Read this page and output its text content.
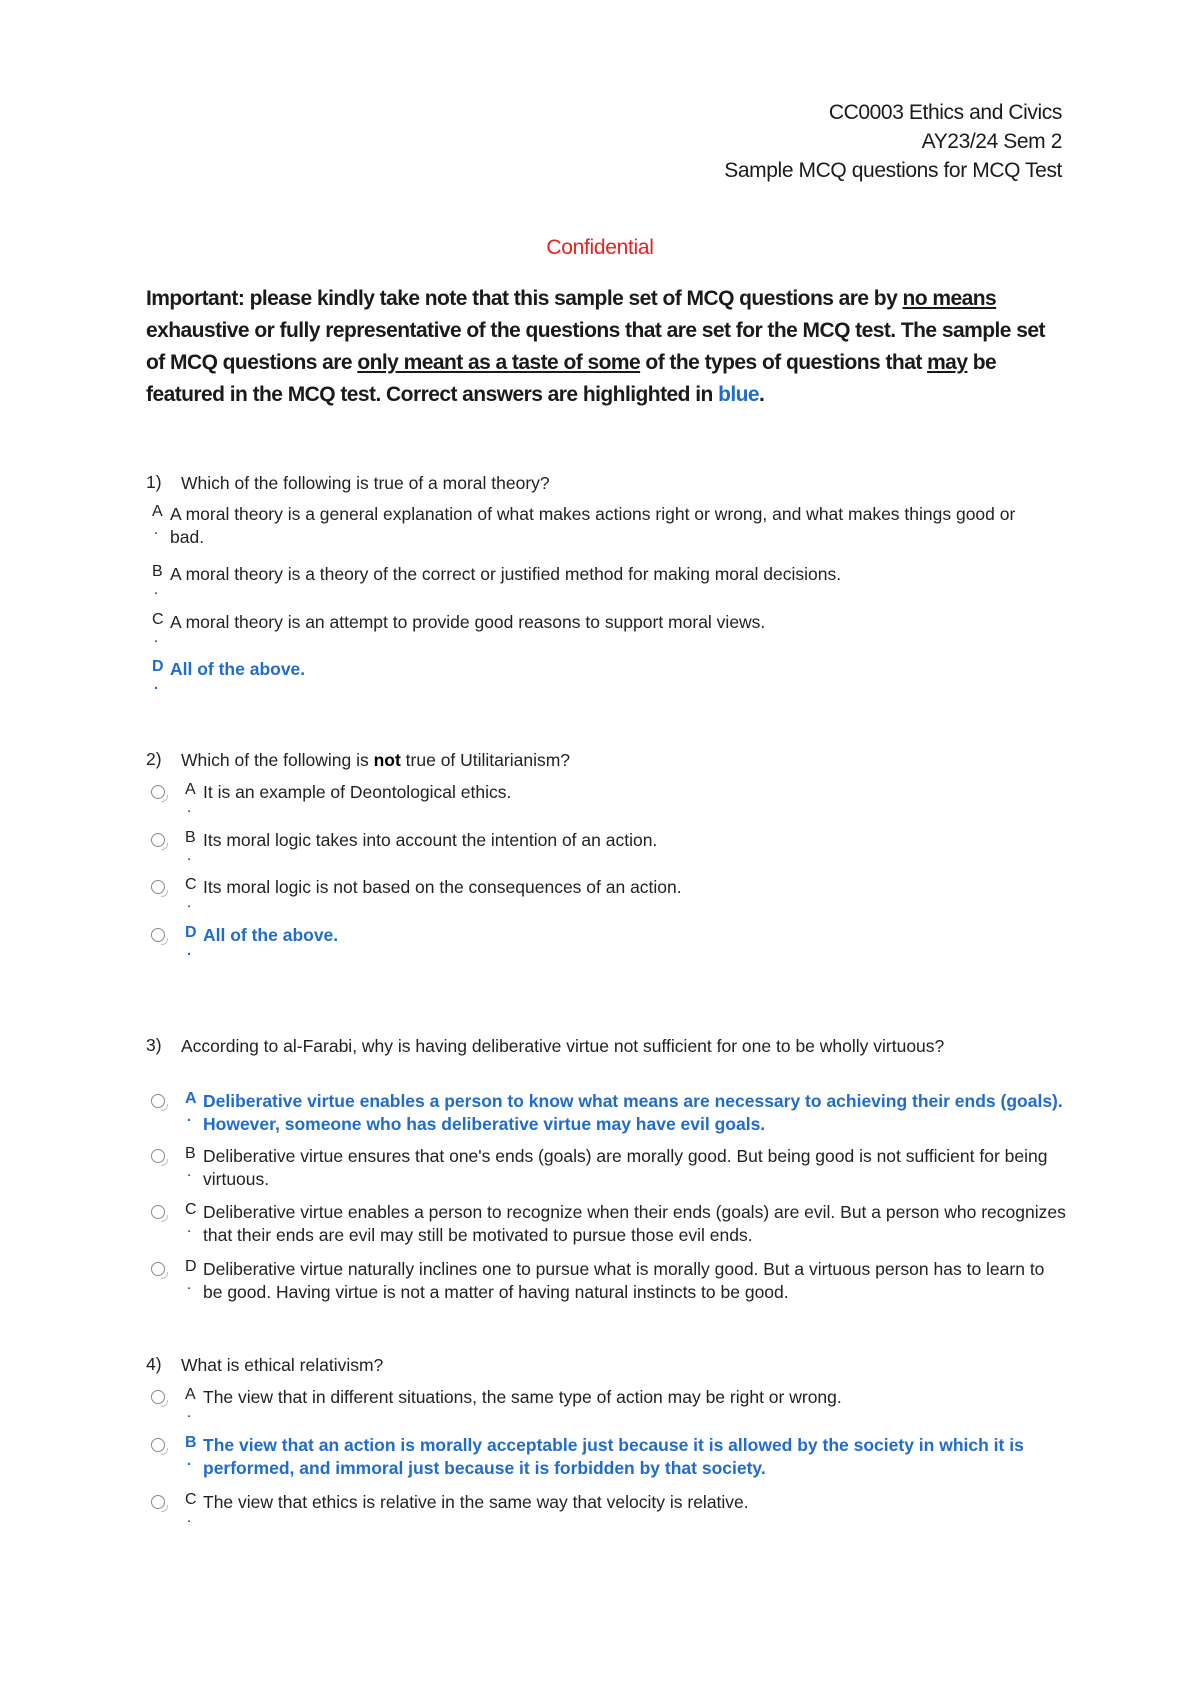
CC0003 Ethics and Civics
AY23/24 Sem 2
Sample MCQ questions for MCQ Test
Confidential
Important: please kindly take note that this sample set of MCQ questions are by no means exhaustive or fully representative of the questions that are set for the MCQ test. The sample set of MCQ questions are only meant as a taste of some of the types of questions that may be featured in the MCQ test. Correct answers are highlighted in blue.
1) Which of the following is true of a moral theory?
A
.
A moral theory is a general explanation of what makes actions right or wrong, and what makes things good or bad.
B
.
A moral theory is a theory of the correct or justified method for making moral decisions.
C
.
A moral theory is an attempt to provide good reasons to support moral views.
D
.
All of the above.
2) Which of the following is not true of Utilitarianism?
A
.
It is an example of Deontological ethics.
B
.
Its moral logic takes into account the intention of an action.
C
.
Its moral logic is not based on the consequences of an action.
D
.
All of the above.
3) According to al-Farabi, why is having deliberative virtue not sufficient for one to be wholly virtuous?
A
.
Deliberative virtue enables a person to know what means are necessary to achieving their ends (goals). However, someone who has deliberative virtue may have evil goals.
B
.
Deliberative virtue ensures that one's ends (goals) are morally good. But being good is not sufficient for being virtuous.
C
.
Deliberative virtue enables a person to recognize when their ends (goals) are evil. But a person who recognizes that their ends are evil may still be motivated to pursue those evil ends.
D
.
Deliberative virtue naturally inclines one to pursue what is morally good. But a virtuous person has to learn to be good. Having virtue is not a matter of having natural instincts to be good.
4) What is ethical relativism?
A
.
The view that in different situations, the same type of action may be right or wrong.
B
.
The view that an action is morally acceptable just because it is allowed by the society in which it is performed, and immoral just because it is forbidden by that society.
C
.
The view that ethics is relative in the same way that velocity is relative.
